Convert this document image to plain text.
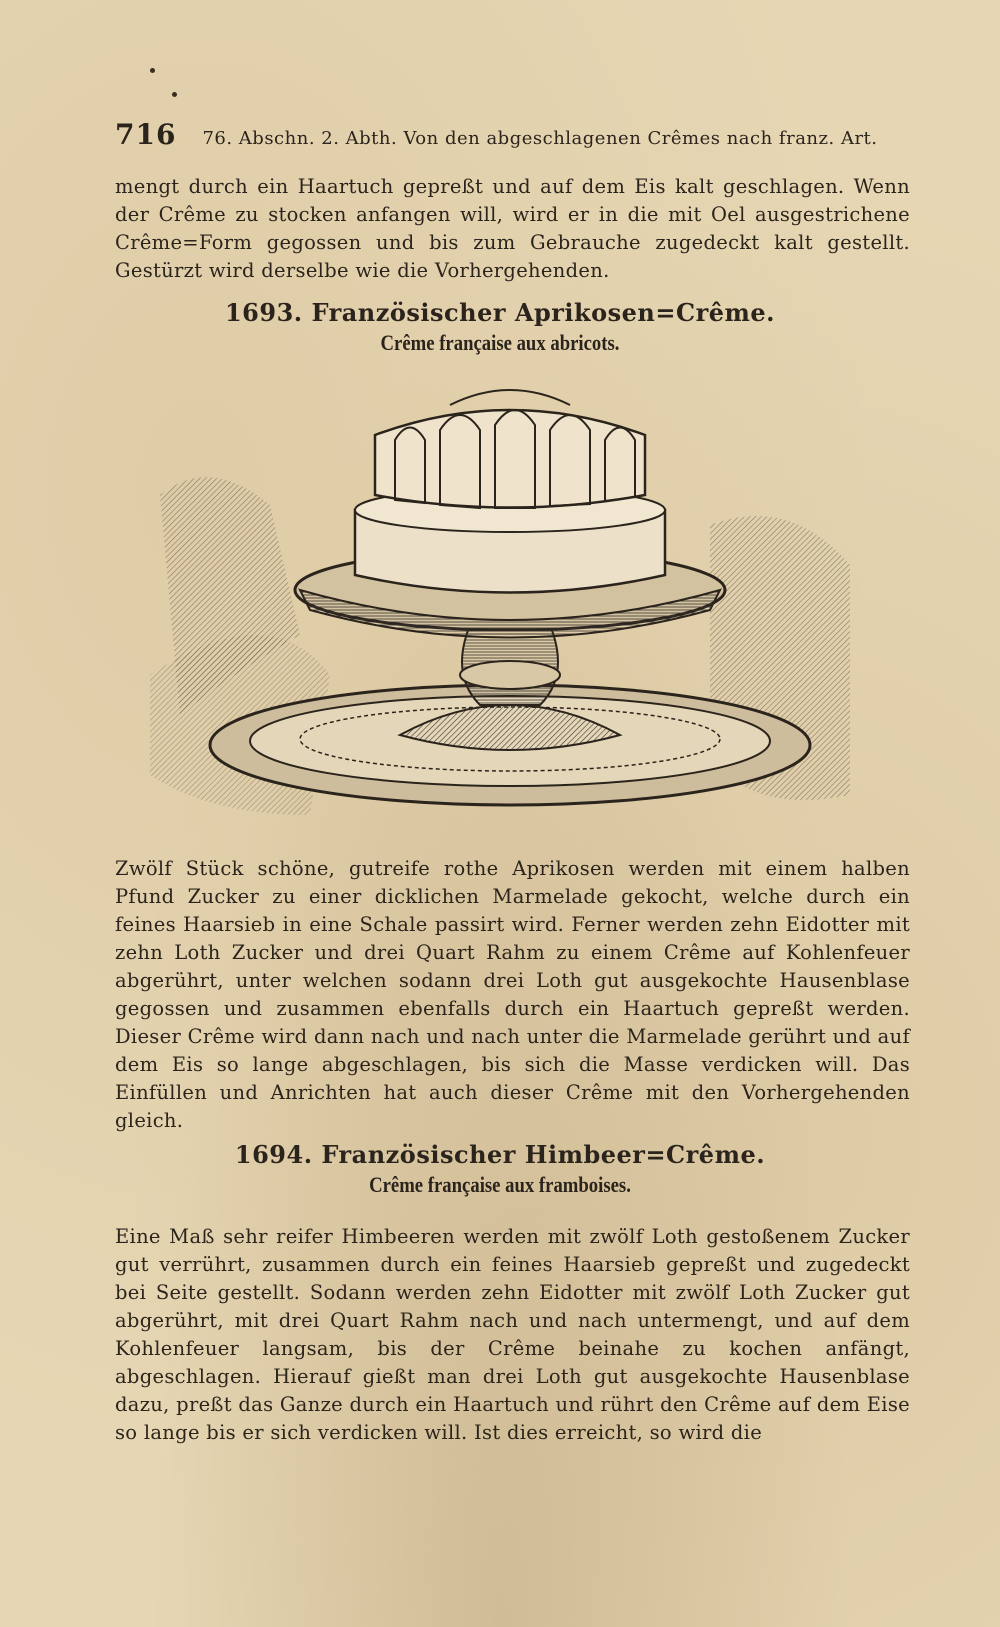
716 76. Abschn. 2. Abth. Von den abgeschlagenen Crêmes nach franz. Art.
mengt durch ein Haartuch gepreßt und auf dem Eis kalt geschlagen. Wenn der Crême zu stocken anfangen will, wird er in die mit Oel ausgestrichene Crême=Form gegossen und bis zum Gebrauche zugedeckt kalt gestellt. Gestürzt wird derselbe wie die Vorhergehenden.
1693. Französischer Aprikosen=Crême.
Crême française aux abricots.
Zwölf Stück schöne, gutreife rothe Aprikosen werden mit einem halben Pfund Zucker zu einer dicklichen Marmelade gekocht, welche durch ein feines Haarsieb in eine Schale passirt wird. Ferner werden zehn Eidotter mit zehn Loth Zucker und drei Quart Rahm zu einem Crême auf Kohlenfeuer abgerührt, unter welchen sodann drei Loth gut ausgekochte Hausenblase gegossen und zusammen ebenfalls durch ein Haartuch gepreßt werden. Dieser Crême wird dann nach und nach unter die Marmelade gerührt und auf dem Eis so lange abgeschlagen, bis sich die Masse verdicken will. Das Einfüllen und Anrichten hat auch dieser Crême mit den Vorhergehenden gleich.
1694. Französischer Himbeer=Crême.
Crême française aux framboises.
Eine Maß sehr reifer Himbeeren werden mit zwölf Loth gestoßenem Zucker gut verrührt, zusammen durch ein feines Haarsieb gepreßt und zugedeckt bei Seite gestellt. Sodann werden zehn Eidotter mit zwölf Loth Zucker gut abgerührt, mit drei Quart Rahm nach und nach untermengt, und auf dem Kohlenfeuer langsam, bis der Crême beinahe zu kochen anfängt, abgeschlagen. Hierauf gießt man drei Loth gut ausgekochte Hausenblase dazu, preßt das Ganze durch ein Haartuch und rührt den Crême auf dem Eise so lange bis er sich verdicken will. Ist dies erreicht, so wird die
